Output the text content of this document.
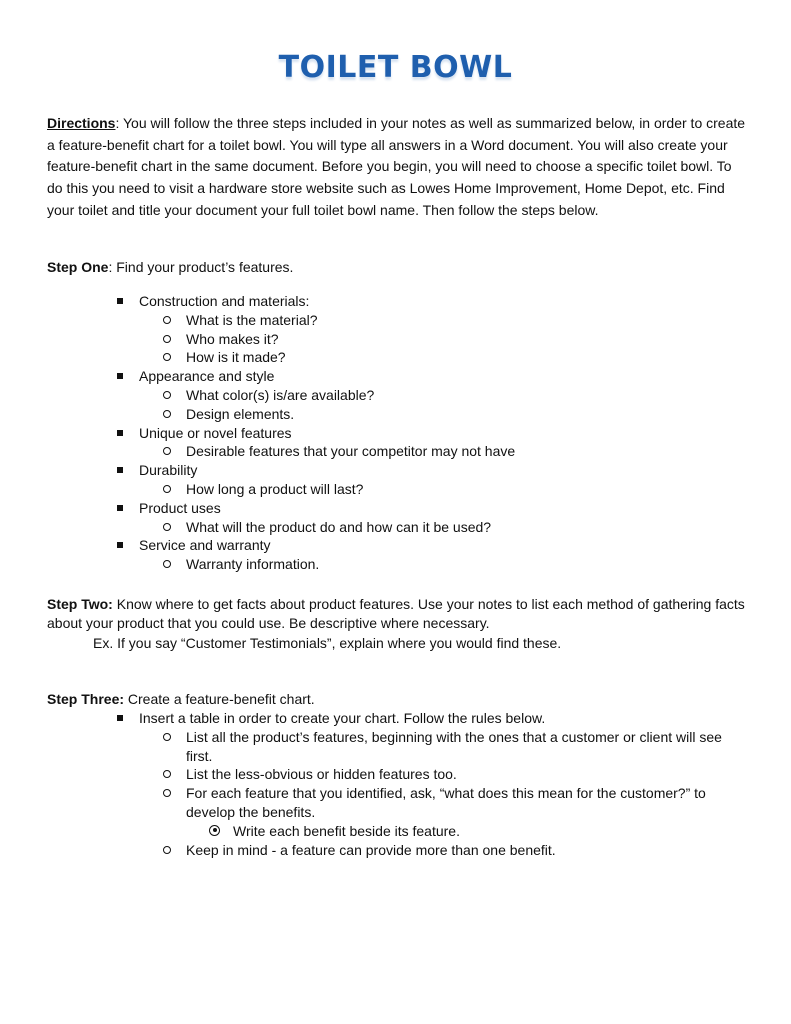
TOILET BOWL

Directions: You will follow the three steps included in your notes as well as summarized below, in order to create a feature-benefit chart for a toilet bowl. You will type all answers in a Word document. You will also create your feature-benefit chart in the same document. Before you begin, you will need to choose a specific toilet bowl. To do this you need to visit a hardware store website such as Lowes Home Improvement, Home Depot, etc. Find your toilet and title your document your full toilet bowl name. Then follow the steps below.

Step One: Find your product’s features.

Construction and materials:
What is the material?
Who makes it?
How is it made?
Appearance and style
What color(s) is/are available?
Design elements.
Unique or novel features
Desirable features that your competitor may not have
Durability
How long a product will last?
Product uses
What will the product do and how can it be used?
Service and warranty
Warranty information.

Step Two: Know where to get facts about product features. Use your notes to list each method of gathering facts about your product that you could use. Be descriptive where necessary.

Ex. If you say “Customer Testimonials”, explain where you would find these.

Step Three: Create a feature-benefit chart.

Insert a table in order to create your chart. Follow the rules below.
List all the product’s features, beginning with the ones that a customer or client will see first.
List the less-obvious or hidden features too.
For each feature that you identified, ask, “what does this mean for the customer?” to develop the benefits.
Write each benefit beside its feature.
Keep in mind - a feature can provide more than one benefit.
